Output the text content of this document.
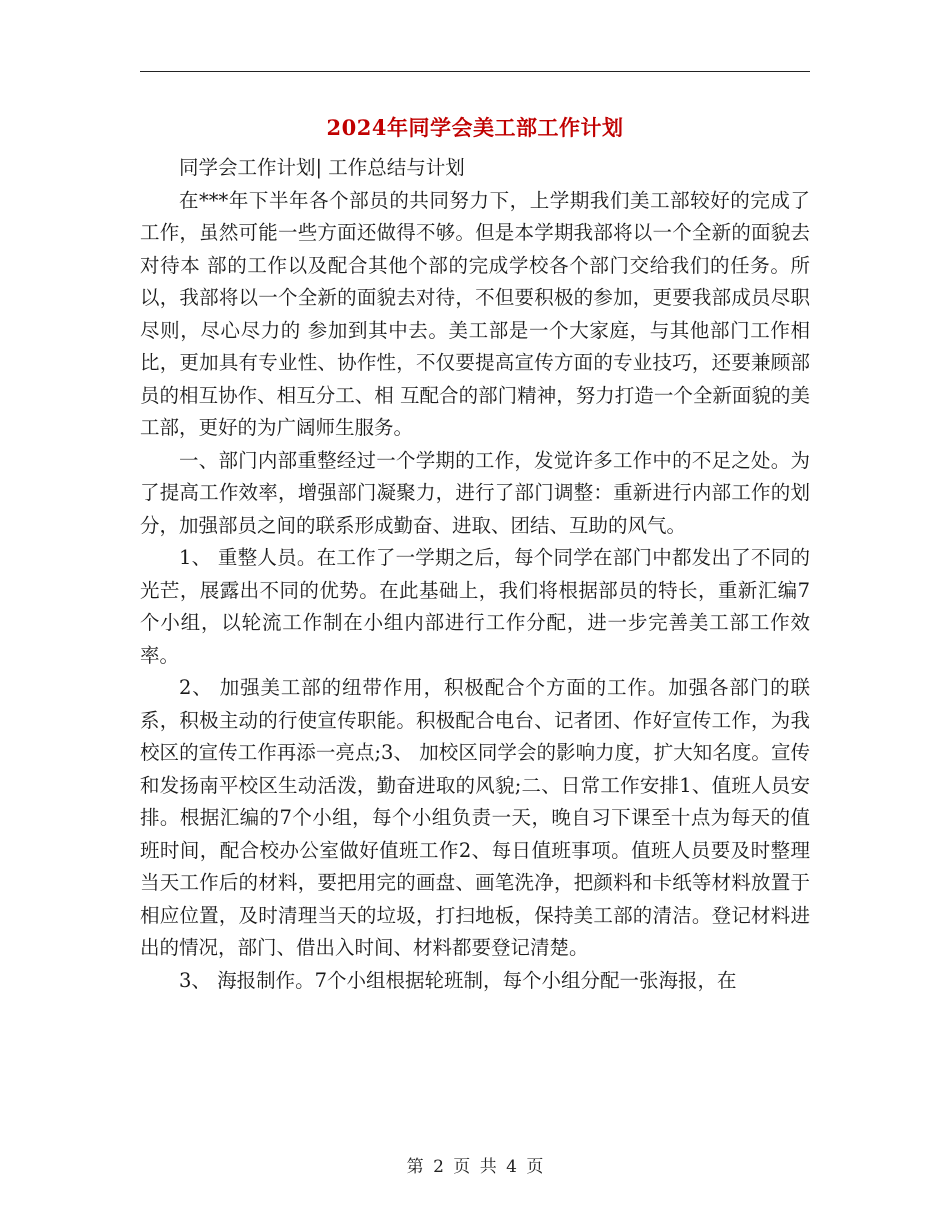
2024年同学会美工部工作计划

同学会工作计划| 工作总结与计划

在***年下半年各个部员的共同努力下，上学期我们美工部较好的完成了工作，虽然可能一些方面还做得不够。但是本学期我部将以一个全新的面貌去对待本 部的工作以及配合其他个部的完成学校各个部门交给我们的任务。所以，我部将以一个全新的面貌去对待，不但要积极的参加，更要我部成员尽职尽则，尽心尽力的 参加到其中去。美工部是一个大家庭，与其他部门工作相比，更加具有专业性、协作性，不仅要提高宣传方面的专业技巧，还要兼顾部员的相互协作、相互分工、相 互配合的部门精神，努力打造一个全新面貌的美工部，更好的为广阔师生服务。

一、部门内部重整经过一个学期的工作，发觉许多工作中的不足之处。为了提高工作效率，增强部门凝聚力，进行了部门调整：重新进行内部工作的划分，加强部员之间的联系形成勤奋、进取、团结、互助的风气。

1、 重整人员。在工作了一学期之后，每个同学在部门中都发出了不同的光芒，展露出不同的优势。在此基础上，我们将根据部员的特长，重新汇编7个小组，以轮流工作制在小组内部进行工作分配，进一步完善美工部工作效率。

2、 加强美工部的纽带作用，积极配合个方面的工作。加强各部门的联系，积极主动的行使宣传职能。积极配合电台、记者团、作好宣传工作，为我校区的宣传工作再添一亮点;3、 加校区同学会的影响力度，扩大知名度。宣传和发扬南平校区生动活泼，勤奋进取的风貌;二、日常工作安排1、值班人员安排。根据汇编的7个小组，每个小组负责一天，晚自习下课至十点为每天的值班时间，配合校办公室做好值班工作2、每日值班事项。值班人员要及时整理当天工作后的材料，要把用完的画盘、画笔洗净，把颜料和卡纸等材料放置于相应位置，及时清理当天的垃圾，打扫地板，保持美工部的清洁。登记材料进出的情况，部门、借出入时间、材料都要登记清楚。

3、 海报制作。7个小组根据轮班制，每个小组分配一张海报，在

第 2 页 共 4 页
